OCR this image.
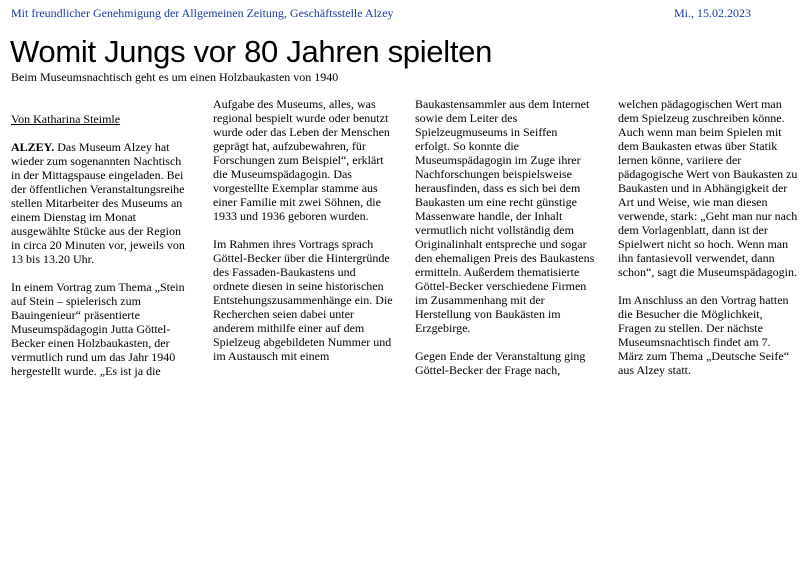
Mit freundlicher Genehmigung der Allgemeinen Zeitung, Geschäftsstelle Alzey	Mi., 15.02.2023
Womit Jungs vor 80 Jahren spielten
Beim Museumsnachtisch geht es um einen Holzbaukasten von 1940

Von Katharina Steimle

ALZEY. Das Museum Alzey hat wieder zum sogenannten Nachtisch in der Mittagspause eingeladen. Bei der öffentlichen Veranstaltungsreihe stellen Mitarbeiter des Museums an einem Dienstag im Monat ausgewählte Stücke aus der Region in circa 20 Minuten vor, jeweils von 13 bis 13.20 Uhr.

In einem Vortrag zum Thema „Stein auf Stein – spielerisch zum Bauingenieur“ präsentierte Museumspädagogin Jutta Göttel-Becker einen Holzbaukasten, der vermutlich rund um das Jahr 1940 hergestellt wurde. „Es ist ja die

Aufgabe des Museums, alles, was regional bespielt wurde oder benutzt wurde oder das Leben der Menschen geprägt hat, aufzubewahren, für Forschungen zum Beispiel“, erklärt die Museumspädagogin. Das vorgestellte Exemplar stamme aus einer Familie mit zwei Söhnen, die 1933 und 1936 geboren wurden.

Im Rahmen ihres Vortrags sprach Göttel-Becker über die Hintergründe des Fassaden-Baukastens und ordnete diesen in seine historischen Entstehungszusammenhänge ein. Die Recherchen seien dabei unter anderem mithilfe einer auf dem Spielzeug abgebildeten Nummer und im Austausch mit einem

Baukastensammler aus dem Internet sowie dem Leiter des Spielzeugmuseums in Seiffen erfolgt. So konnte die Museumspädagogin im Zuge ihrer Nachforschungen beispielsweise herausfinden, dass es sich bei dem Baukasten um eine recht günstige Massenware handle, der Inhalt vermutlich nicht vollständig dem Originalinhalt entspreche und sogar den ehemaligen Preis des Baukastens ermitteln. Außerdem thematisierte Göttel-Becker verschiedene Firmen im Zusammenhang mit der Herstellung von Baukästen im Erzgebirge.

Gegen Ende der Veranstaltung ging Göttel-Becker der Frage nach,

welchen pädagogischen Wert man dem Spielzeug zuschreiben könne. Auch wenn man beim Spielen mit dem Baukasten etwas über Statik lernen könne, variiere der pädagogische Wert von Baukasten zu Baukasten und in Abhängigkeit der Art und Weise, wie man diesen verwende, stark: „Geht man nur nach dem Vorlagenblatt, dann ist der Spielwert nicht so hoch. Wenn man ihn fantasievoll verwendet, dann schon“, sagt die Museumspädagogin.

Im Anschluss an den Vortrag hatten die Besucher die Möglichkeit, Fragen zu stellen. Der nächste Museumsnachtisch findet am 7. März zum Thema „Deutsche Seife“ aus Alzey statt.
